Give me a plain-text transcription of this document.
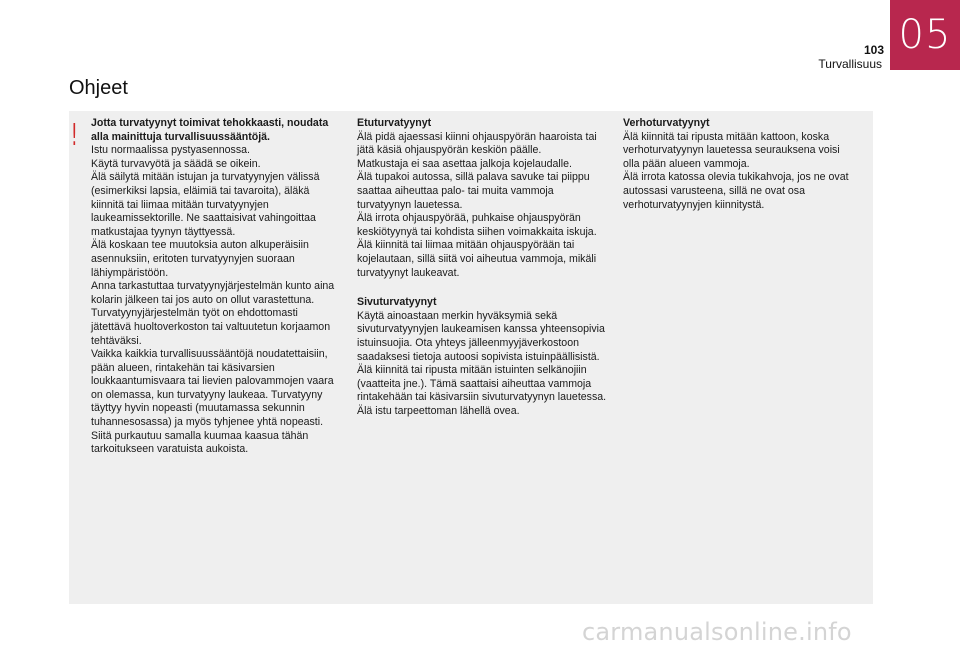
05
103
Turvallisuus
Ohjeet
! Jotta turvatyynyt toimivat tehokkaasti, noudata alla mainittuja turvallisuussääntöjä.

Istu normaalissa pystyasennossa.

Käytä turvavyötä ja säädä se oikein.

Älä säilytä mitään istujan ja turvatyynyjen välissä (esimerkiksi lapsia, eläimiä tai tavaroita), äläkä kiinnitä tai liimaa mitään turvatyynyjen laukeamissektorille. Ne saattaisivat vahingoittaa matkustajaa tyynyn täyttyessä.

Älä koskaan tee muutoksia auton alkuperäisiin asennuksiin, eritoten turvatyynyjen suoraan lähiympäristöön.

Anna tarkastuttaa turvatyynyjärjestelmän kunto aina kolarin jälkeen tai jos auto on ollut varastettuna.

Turvatyynyjärjestelmän työt on ehdottomasti jätettävä huoltoverkoston tai valtuutetun korjaamon tehtäväksi.

Vaikka kaikkia turvallisuussääntöjä noudatettaisiin, pään alueen, rintakehän tai käsivarsien loukkaantumisvaara tai lievien palovammojen vaara on olemassa, kun turvatyyny laukeaa. Turvatyyny täyttyy hyvin nopeasti (muutamassa sekunnin tuhannesosassa) ja myös tyhjenee yhtä nopeasti.

Siitä purkautuu samalla kuumaa kaasua tähän tarkoitukseen varatuista aukoista.

Etuturvatyynyt

Älä pidä ajaessasi kiinni ohjauspyörän haaroista tai jätä käsiä ohjauspyörän keskiön päälle.

Matkustaja ei saa asettaa jalkoja kojelaudalle.

Älä tupakoi autossa, sillä palava savuke tai piippu saattaa aiheuttaa palo- tai muita vammoja turvatyynyn lauetessa.

Älä irrota ohjauspyörää, puhkaise ohjauspyörän keskiötyynyä tai kohdista siihen voimakkaita iskuja.

Älä kiinnitä tai liimaa mitään ohjauspyörään tai kojelautaan, sillä siitä voi aiheutua vammoja, mikäli turvatyynyt laukeavat.

Sivuturvatyynyt

Käytä ainoastaan merkin hyväksymiä sekä sivuturvatyynyjen laukeamisen kanssa yhteensopivia istuinsuojia. Ota yhteys jälleenmyyjäverkostoon saadaksesi tietoja autoosi sopivista istuinpäällisistä.

Älä kiinnitä tai ripusta mitään istuinten selkänojiin (vaatteita jne.). Tämä saattaisi aiheuttaa vammoja rintakehään tai käsivarsiin sivuturvatyynyn lauetessa.

Älä istu tarpeettoman lähellä ovea.

Verhoturvatyynyt

Älä kiinnitä tai ripusta mitään kattoon, koska verhoturvatyynyn lauetessa seurauksena voisi olla pään alueen vammoja.

Älä irrota katossa olevia tukikahvoja, jos ne ovat autossasi varusteena, sillä ne ovat osa verhoturvatyynyjen kiinnitystä.

carmanualsonline.info
